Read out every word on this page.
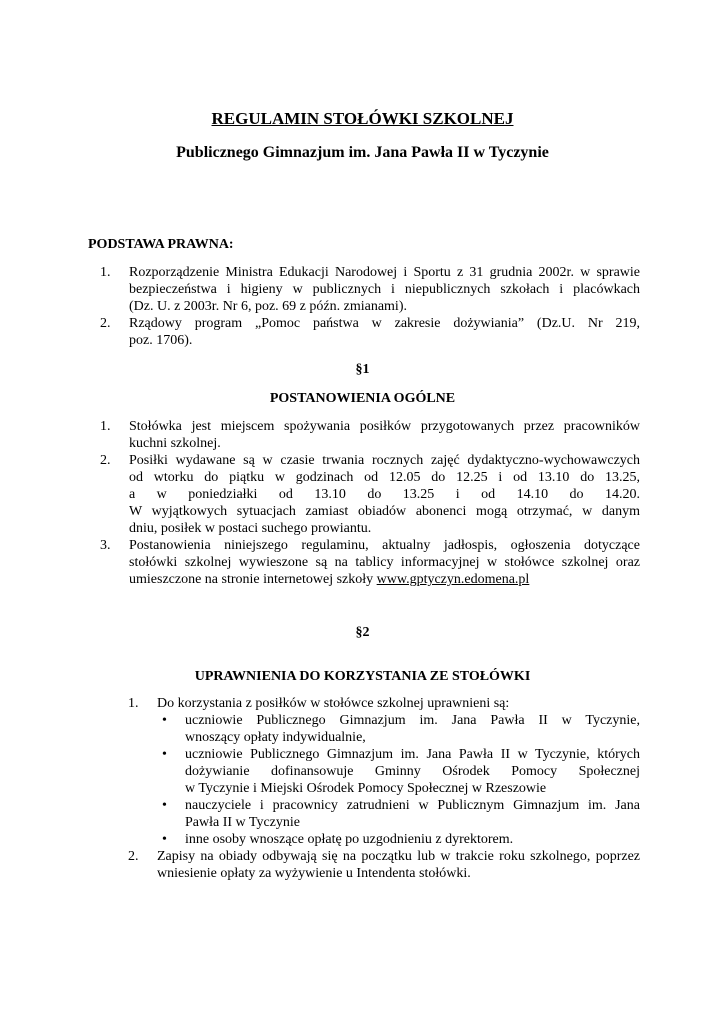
REGULAMIN STOŁÓWKI SZKOLNEJ
Publicznego Gimnazjum im. Jana Pawła II w Tyczynie
PODSTAWA PRAWNA:
1. Rozporządzenie Ministra Edukacji Narodowej i Sportu z 31 grudnia 2002r. w sprawie
bezpieczeństwa i higieny w publicznych i niepublicznych szkołach i placówkach
(Dz. U. z 2003r. Nr 6, poz. 69 z późn. zmianami).
2. Rządowy program „Pomoc państwa w zakresie dożywiania” (Dz.U. Nr 219,
poz. 1706).
§1
POSTANOWIENIA OGÓLNE
1. Stołówka jest miejscem spożywania posiłków przygotowanych przez pracowników
kuchni szkolnej.
2. Posiłki wydawane są w czasie trwania rocznych zajęć dydaktyczno-wychowawczych
od wtorku do piątku w godzinach od 12.05 do 12.25 i od 13.10 do 13.25,
a w poniedziałki od 13.10 do 13.25 i od 14.10 do 14.20.
W wyjątkowych sytuacjach zamiast obiadów abonenci mogą otrzymać, w danym
dniu, posiłek w postaci suchego prowiantu.
3. Postanowienia niniejszego regulaminu, aktualny jadłospis, ogłoszenia dotyczące
stołówki szkolnej wywieszone są na tablicy informacyjnej w stołówce szkolnej oraz
umieszczone na stronie internetowej szkoły www.gptyczyn.edomena.pl
§2
UPRAWNIENIA DO KORZYSTANIA ZE STOŁÓWKI
1. Do korzystania z posiłków w stołówce szkolnej uprawnieni są:
• uczniowie Publicznego Gimnazjum im. Jana Pawła II w Tyczynie,
wnoszący opłaty indywidualnie,
• uczniowie Publicznego Gimnazjum im. Jana Pawła II w Tyczynie, których
dożywianie dofinansowuje Gminny Ośrodek Pomocy Społecznej
w Tyczynie i Miejski Ośrodek Pomocy Społecznej w Rzeszowie
• nauczyciele i pracownicy zatrudnieni w Publicznym Gimnazjum im. Jana
Pawła II w Tyczynie
• inne osoby wnoszące opłatę po uzgodnieniu z dyrektorem.
2. Zapisy na obiady odbywają się na początku lub w trakcie roku szkolnego, poprzez
wniesienie opłaty za wyżywienie u Intendenta stołówki.
